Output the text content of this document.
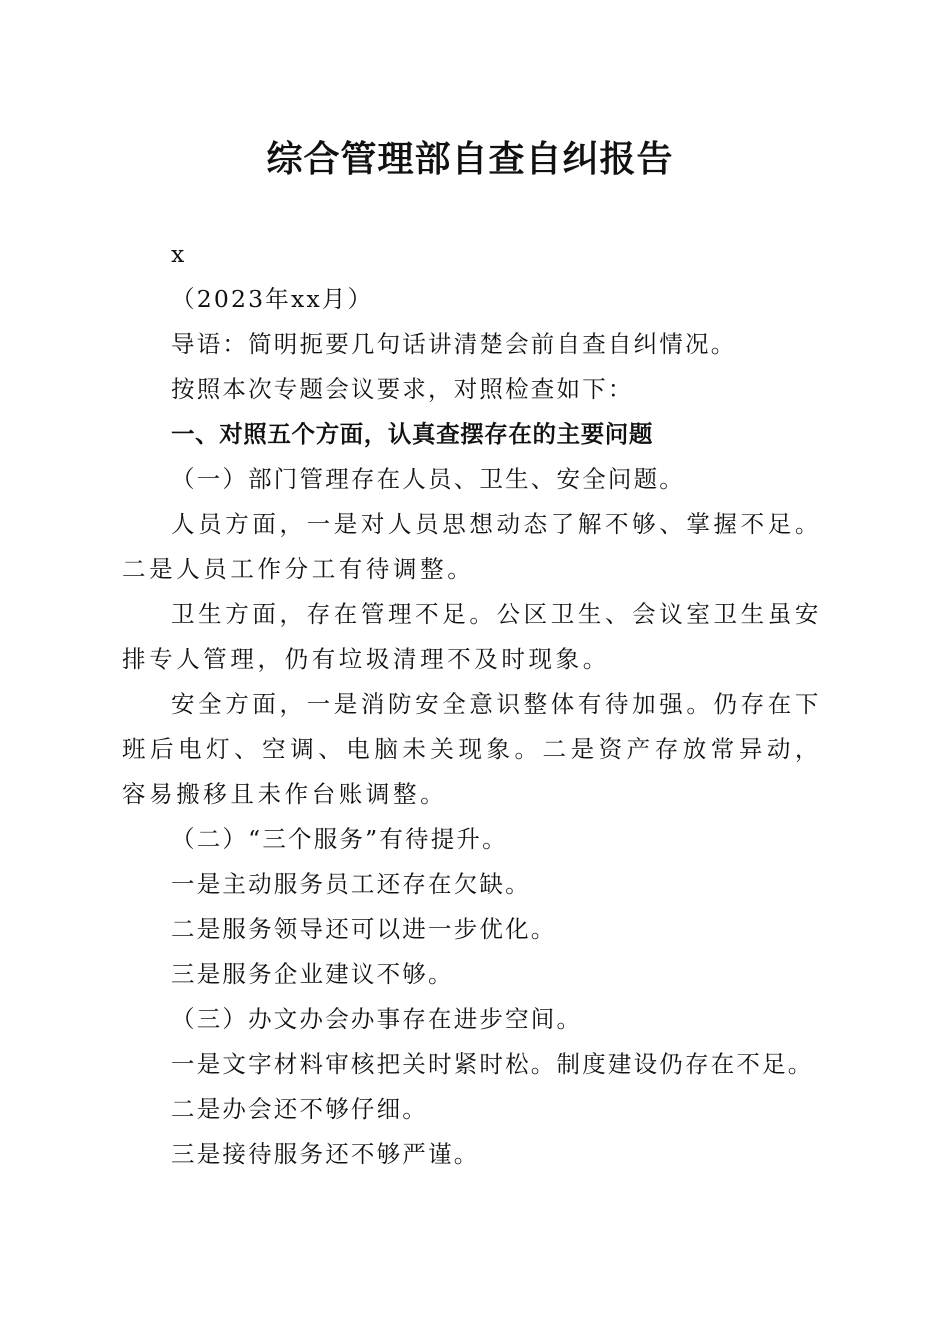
综合管理部自查自纠报告

x

（2023年xx月）

导语：简明扼要几句话讲清楚会前自查自纠情况。

按照本次专题会议要求，对照检查如下：

一、对照五个方面，认真查摆存在的主要问题

（一）部门管理存在人员、卫生、安全问题。

人员方面，一是对人员思想动态了解不够、掌握不足。二是人员工作分工有待调整。

卫生方面，存在管理不足。公区卫生、会议室卫生虽安排专人管理，仍有垃圾清理不及时现象。

安全方面，一是消防安全意识整体有待加强。仍存在下班后电灯、空调、电脑未关现象。二是资产存放常异动，容易搬移且未作台账调整。

（二）“三个服务”有待提升。

一是主动服务员工还存在欠缺。

二是服务领导还可以进一步优化。

三是服务企业建议不够。

（三）办文办会办事存在进步空间。

一是文字材料审核把关时紧时松。制度建设仍存在不足。

二是办会还不够仔细。

三是接待服务还不够严谨。
